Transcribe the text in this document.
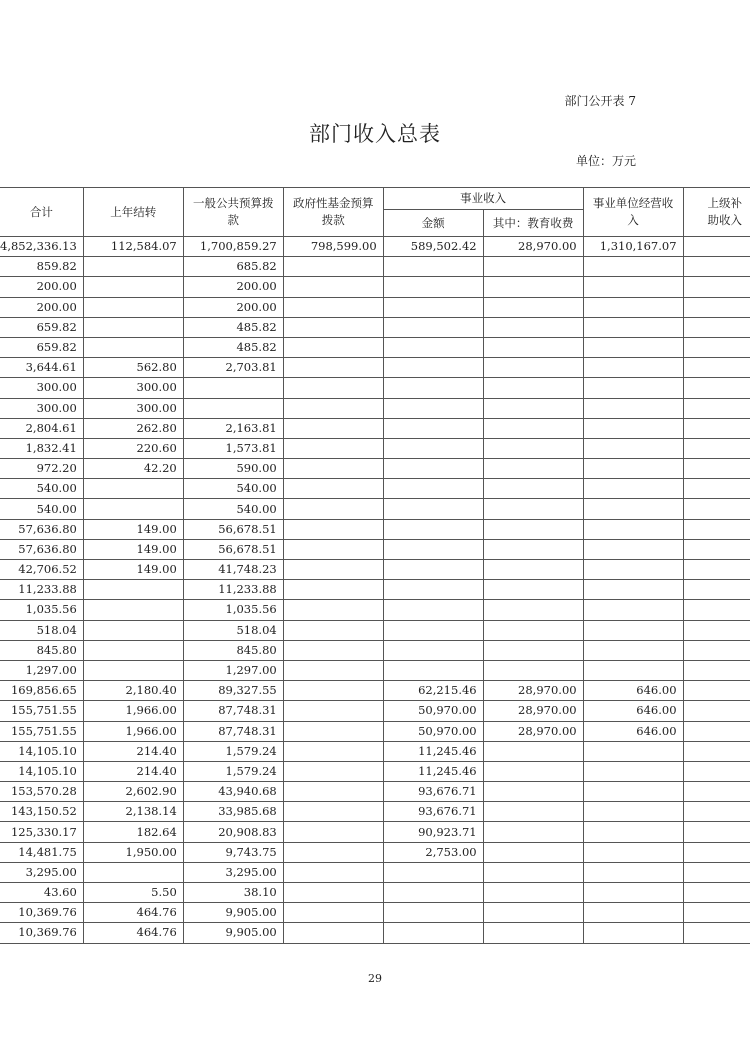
部门公开表 7
部门收入总表
单位：万元
合计	上年结转	一般公共预算拨款	政府性基金预算拨款	事业收入		事业单位经营收入	上级补助收入
				金额	其中：教育收费		
4,852,336.13	112,584.07	1,700,859.27	798,599.00	589,502.42	28,970.00	1,310,167.07	
859.82		685.82					
200.00		200.00					
200.00		200.00					
659.82		485.82					
659.82		485.82					
3,644.61	562.80	2,703.81					
300.00	300.00						
300.00	300.00						
2,804.61	262.80	2,163.81					
1,832.41	220.60	1,573.81					
972.20	42.20	590.00					
540.00		540.00					
540.00		540.00					
57,636.80	149.00	56,678.51					
57,636.80	149.00	56,678.51					
42,706.52	149.00	41,748.23					
11,233.88		11,233.88					
1,035.56		1,035.56					
518.04		518.04					
845.80		845.80					
1,297.00		1,297.00					
169,856.65	2,180.40	89,327.55		62,215.46	28,970.00	646.00	
155,751.55	1,966.00	87,748.31		50,970.00	28,970.00	646.00	
155,751.55	1,966.00	87,748.31		50,970.00	28,970.00	646.00	
14,105.10	214.40	1,579.24		11,245.46			
14,105.10	214.40	1,579.24		11,245.46			
153,570.28	2,602.90	43,940.68		93,676.71			
143,150.52	2,138.14	33,985.68		93,676.71			
125,330.17	182.64	20,908.83		90,923.71			
14,481.75	1,950.00	9,743.75		2,753.00			
3,295.00		3,295.00					
43.60	5.50	38.10					
10,369.76	464.76	9,905.00					
10,369.76	464.76	9,905.00					
29
